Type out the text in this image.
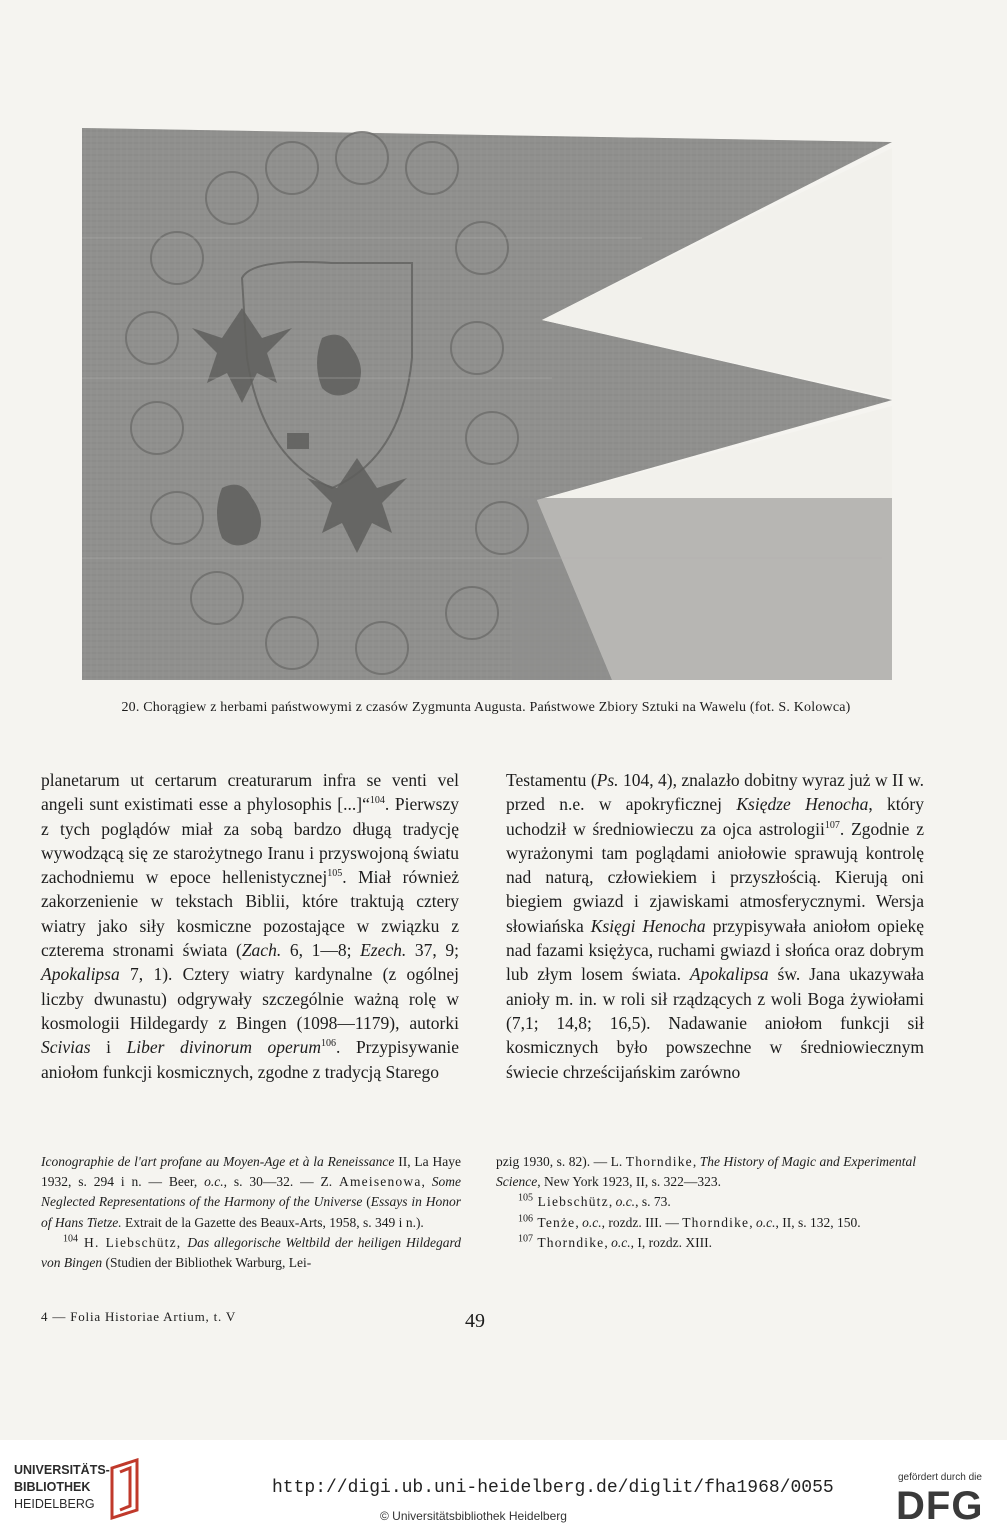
20. Chorągiew z herbami państwowymi z czasów Zygmunta Augusta. Państwowe Zbiory Sztuki na Wawelu (fot. S. Kolowca)

planetarum ut certarum creaturarum infra se venti vel angeli sunt existimati esse a phylosophis [...]“$^{104}$. Pierwszy z tych poglądów miał za sobą bardzo długą tradycję wywodzącą się ze starożytnego Iranu i przyswojoną światu zachodniemu w epoce hellenistycznej$^{105}$. Miał również zakorzenienie w tekstach Biblii, które traktują cztery wiatry jako siły kosmiczne pozostające w związku z czterema stronami świata (Zach. 6, 1—8; Ezech. 37, 9; Apokalipsa 7, 1). Cztery wiatry kardynalne (z ogólnej liczby dwunastu) odgrywały szczególnie ważną rolę w kosmologii Hildegardy z Bingen (1098—1179), autorki Scivias i Liber divinorum operum$^{106}$. Przypisywanie aniołom funkcji kosmicznych, zgodne z tradycją Starego

Testamentu (Ps. 104, 4), znalazło dobitny wyraz już w II w. przed n.e. w apokryficznej Księdze Henocha, który uchodził w średniowieczu za ojca astrologii$^{107}$. Zgodnie z wyrażonymi tam poglądami aniołowie sprawują kontrolę nad naturą, człowiekiem i przyszłością. Kierują oni biegiem gwiazd i zjawiskami atmosferycznymi. Wersja słowiańska Księgi Henocha przypisywała aniołom opiekę nad fazami księżyca, ruchami gwiazd i słońca oraz dobrym lub złym losem świata. Apokalipsa św. Jana ukazywała anioły m. in. w roli sił rządzących z woli Boga żywiołami (7,1; 14,8; 16,5). Nadawanie aniołom funkcji sił kosmicznych było powszechne w średniowiecznym świecie chrześcijańskim zarówno

Iconographie de l'art profane au Moyen-Age et à la Reneissance II, La Haye 1932, s. 294 i n. — Beer, o.c., s. 30—32. — Z. Ameisenowa, Some Neglected Representations of the Harmony of the Universe (Essays in Honor of Hans Tietze. Extrait de la Gazette des Beaux-Arts, 1958, s. 349 i n.).

$^{104}$ H. Liebschütz, Das allegorische Weltbild der heiligen Hildegard von Bingen (Studien der Bibliothek Warburg, Lei-

pzig 1930, s. 82). — L. Thorndike, The History of Magic and Experimental Science, New York 1923, II, s. 322—323.

$^{105}$ Liebschütz, o.c., s. 73.

$^{106}$ Tenże, o.c., rozdz. III. — Thorndike, o.c., II, s. 132, 150.

$^{107}$ Thorndike, o.c., I, rozdz. XIII.

4 — Folia Historiae Artium, t. V	49
UNIVERSITÄTS-
BIBLIOTHEK
HEIDELBERG
http://digi.ub.uni-heidelberg.de/diglit/fha1968/0055
© Universitätsbibliothek Heidelberg
gefördert durch die
DFG
